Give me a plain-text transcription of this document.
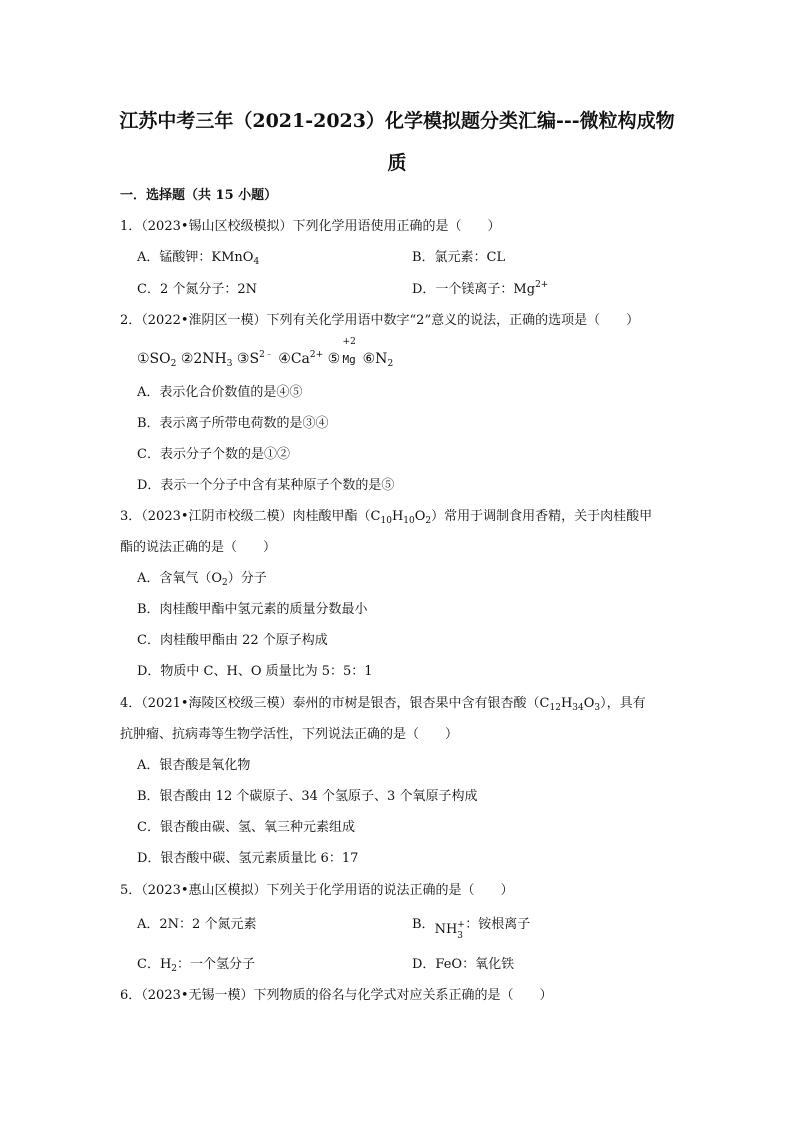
江苏中考三年（2021-2023）化学模拟题分类汇编---微粒构成物
质
一．选择题（共 15 小题）
1．（2023•锡山区校级模拟）下列化学用语使用正确的是（　　）
A．锰酸钾：KMnO$_4$	B．氯元素：CL
C．2 个氮分子：2N	D．一个镁离子：$Mg^{2+}$
2．（2022•淮阴区一模）下列有关化学用语中数字“2”意义的说法，正确的选项是（　　）
$①SO_2$ $②2NH_3$ $③S^{2﹣}$ $④Ca^{2+}$ ⑤
+2
Mg $⑥N_2$
A．表示化合价数值的是④⑤
B．表示离子所带电荷数的是③④
C．表示分子个数的是①②
D．表示一个分子中含有某种原子个数的是⑤
3．（2023•江阴市校级二模）肉桂酸甲酯$(C_{10}H_{10}O_2)$常用于调制食用香精，关于肉桂酸甲
酯的说法正确的是（　　）
A．含氧气$(O_2)$分子
B．肉桂酸甲酯中氢元素的质量分数最小
C．肉桂酸甲酯由 22 个原子构成
D．物质中 C、H、O 质量比为 5：5：1
4．（2021•海陵区校级三模）泰州的市树是银杏，银杏果中含有银杏酸$(C_{12}H_{34}O_3)$，具有
抗肿瘤、抗病毒等生物学活性，下列说法正确的是（　　）
A．银杏酸是氧化物
B．银杏酸由 12 个碳原子、34 个氢原子、3 个氧原子构成
C．银杏酸由碳、氢、氧三种元素组成
D．银杏酸中碳、氢元素质量比 6：17
5．（2023•惠山区模拟）下列关于化学用语的说法正确的是（　　）
A．2N：2 个氮元素	B．NH +
3
：铵根离子
C．$H_2$：一个氢分子	D．FeO：氧化铁
6．（2023•无锡一模）下列物质的俗名与化学式对应关系正确的是（　　）
